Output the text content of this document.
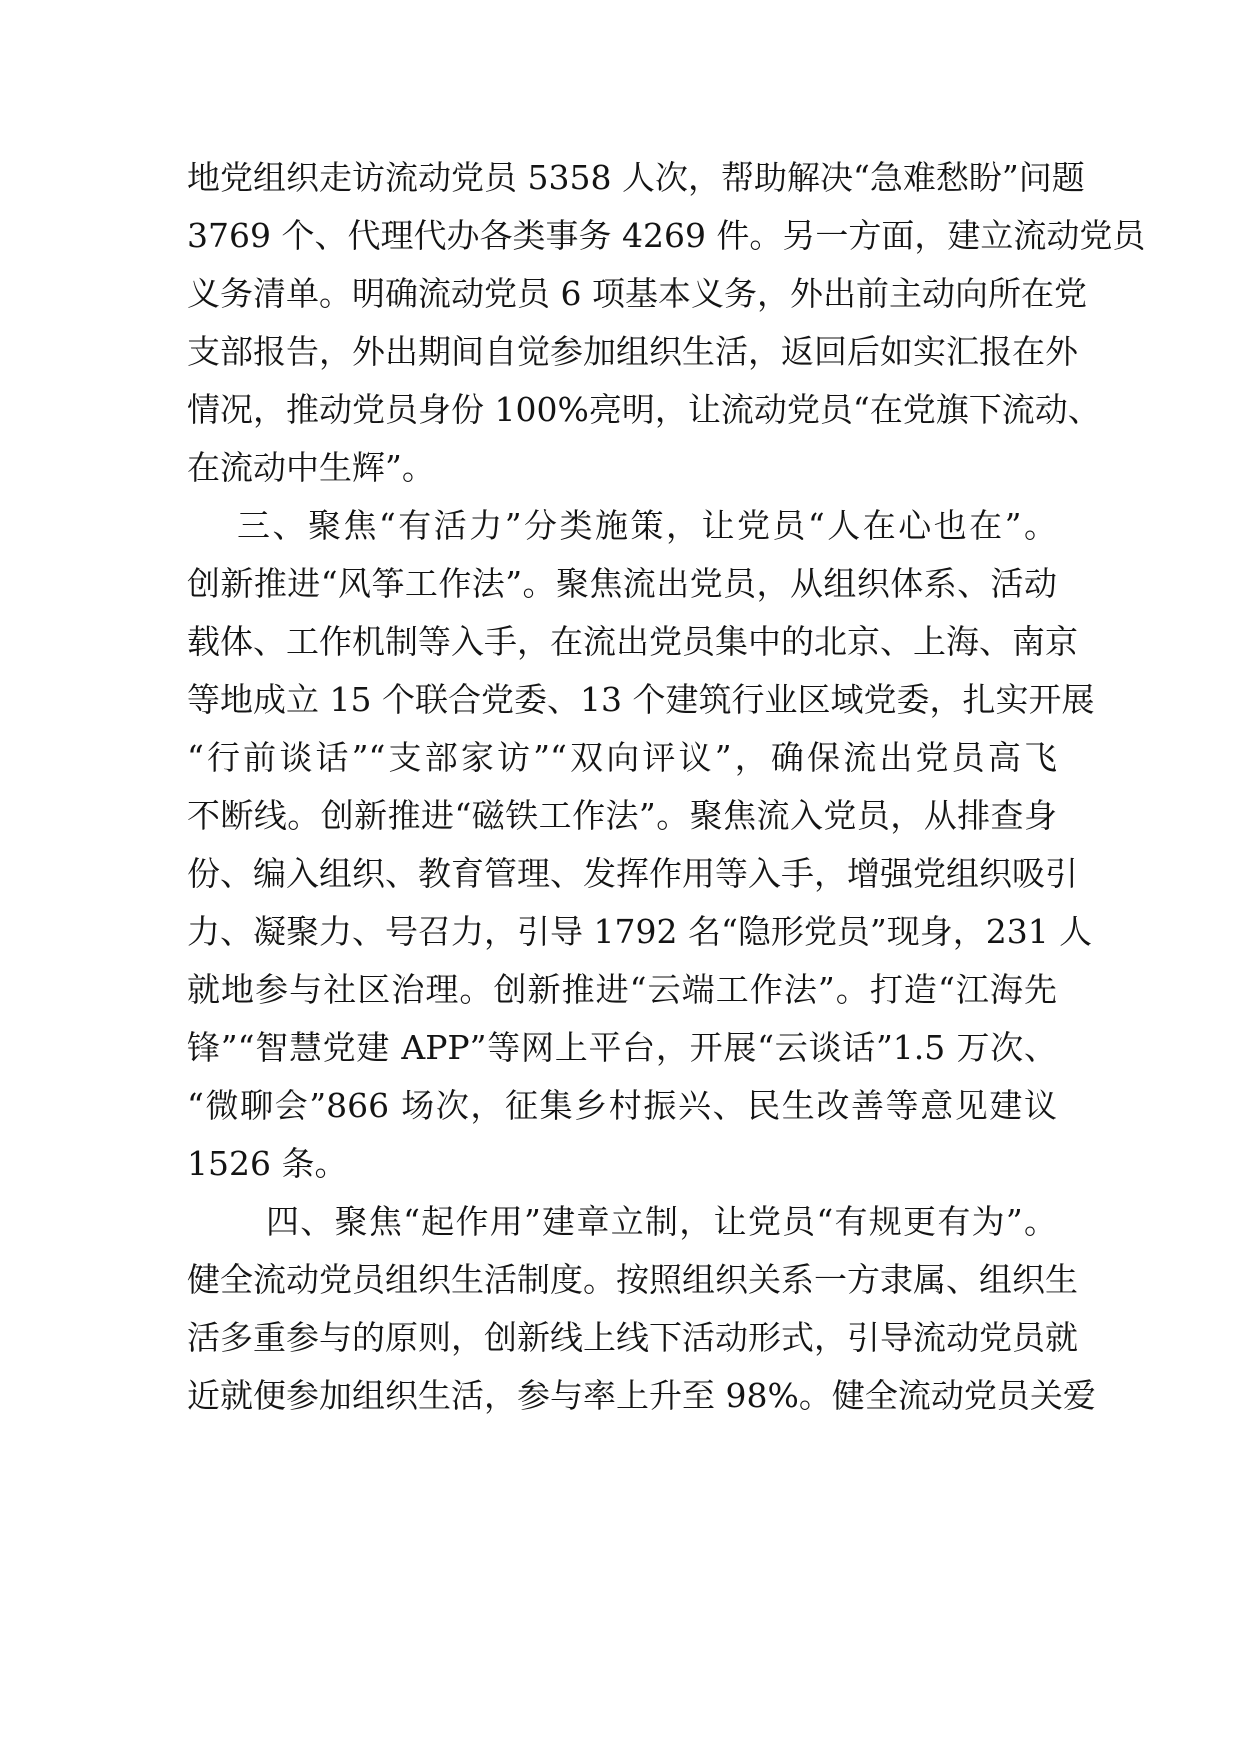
地党组织走访流动党员 5358 人次，帮助解决“急难愁盼”问题
3769 个、代理代办各类事务 4269 件。另一方面，建立流动党员
义务清单。明确流动党员 6 项基本义务，外出前主动向所在党
支部报告，外出期间自觉参加组织生活，返回后如实汇报在外
情况，推动党员身份 100%亮明，让流动党员“在党旗下流动、
在流动中生辉”。
三、聚焦“有活力”分类施策，让党员“人在心也在”。
创新推进“风筝工作法”。聚焦流出党员，从组织体系、活动
载体、工作机制等入手，在流出党员集中的北京、上海、南京
等地成立 15 个联合党委、13 个建筑行业区域党委，扎实开展
“行前谈话”“支部家访”“双向评议”，确保流出党员高飞
不断线。创新推进“磁铁工作法”。聚焦流入党员，从排查身
份、编入组织、教育管理、发挥作用等入手，增强党组织吸引
力、凝聚力、号召力，引导 1792 名“隐形党员”现身，231 人
就地参与社区治理。创新推进“云端工作法”。打造“江海先
锋”“智慧党建 APP”等网上平台，开展“云谈话”1.5 万次、
“微聊会”866 场次，征集乡村振兴、民生改善等意见建议
1526 条。
四、聚焦“起作用”建章立制，让党员“有规更有为”。
健全流动党员组织生活制度。按照组织关系一方隶属、组织生
活多重参与的原则，创新线上线下活动形式，引导流动党员就
近就便参加组织生活，参与率上升至 98%。健全流动党员关爱
